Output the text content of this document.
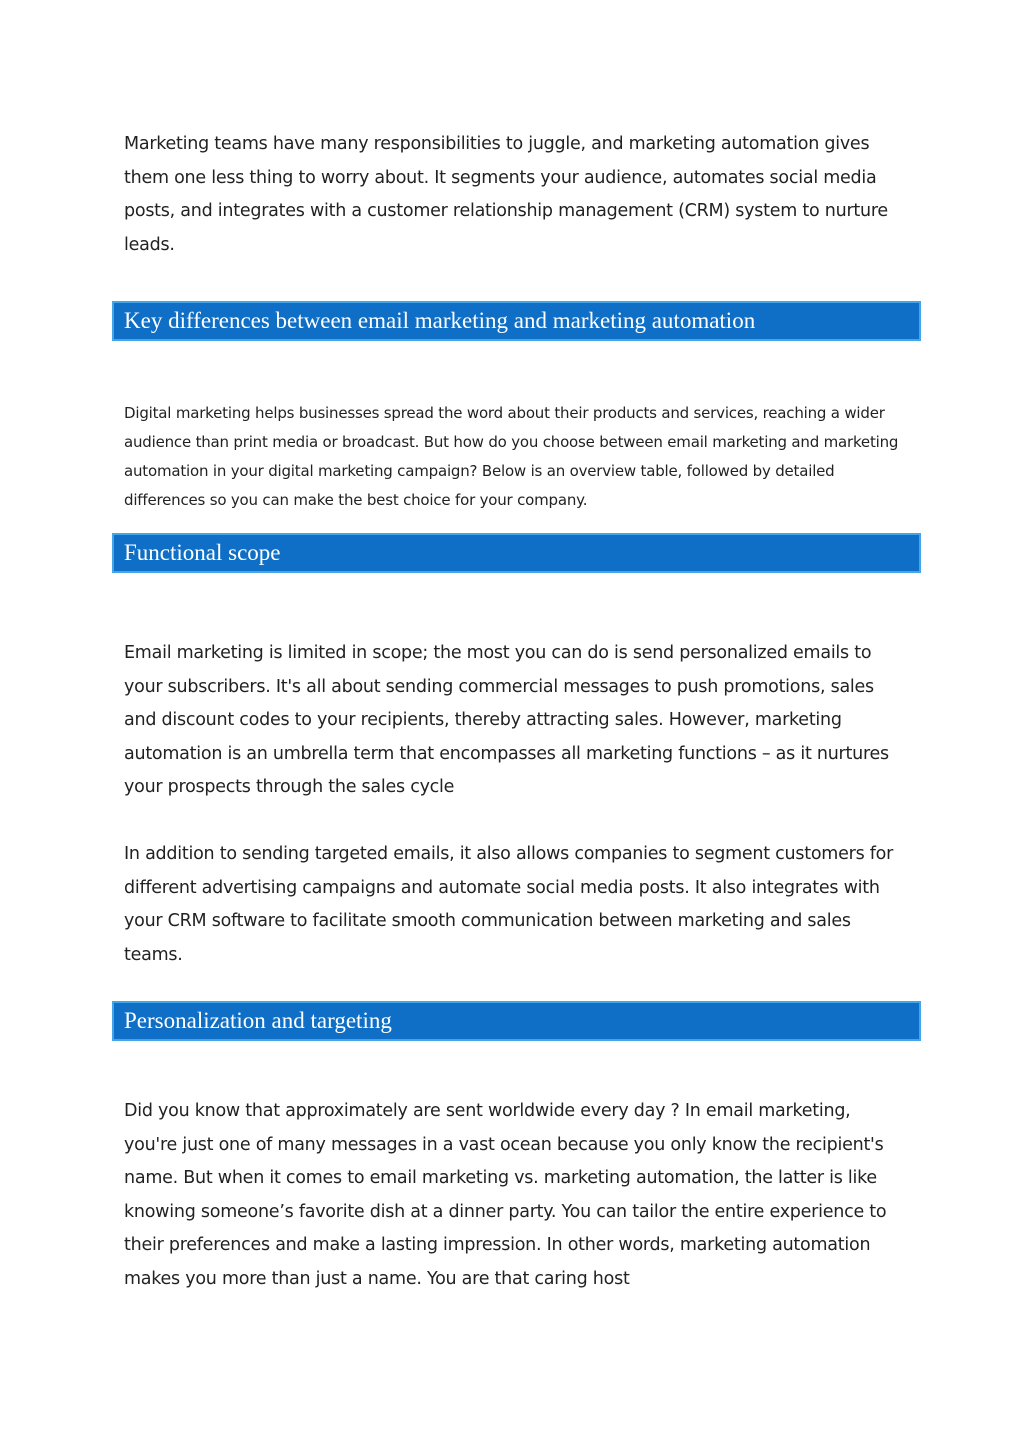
Marketing teams have many responsibilities to juggle, and marketing automation gives them one less thing to worry about. It segments your audience, automates social media posts, and integrates with a customer relationship management (CRM) system to nurture leads.

Key differences between email marketing and marketing automation

Digital marketing helps businesses spread the word about their products and services, reaching a wider audience than print media or broadcast. But how do you choose between email marketing and marketing automation in your digital marketing campaign? Below is an overview table, followed by detailed differences so you can make the best choice for your company.

Functional scope

Email marketing is limited in scope; the most you can do is send personalized emails to your subscribers. It's all about sending commercial messages to push promotions, sales and discount codes to your recipients, thereby attracting sales. However, marketing automation is an umbrella term that encompasses all marketing functions – as it nurtures your prospects through the sales cycle

In addition to sending targeted emails, it also allows companies to segment customers for different advertising campaigns and automate social media posts. It also integrates with your CRM software to facilitate smooth communication between marketing and sales teams.

Personalization and targeting

Did you know that approximately are sent worldwide every day ? In email marketing, you're just one of many messages in a vast ocean because you only know the recipient's name. But when it comes to email marketing vs. marketing automation, the latter is like knowing someone’s favorite dish at a dinner party. You can tailor the entire experience to their preferences and make a lasting impression. In other words, marketing automation makes you more than just a name. You are that caring host
